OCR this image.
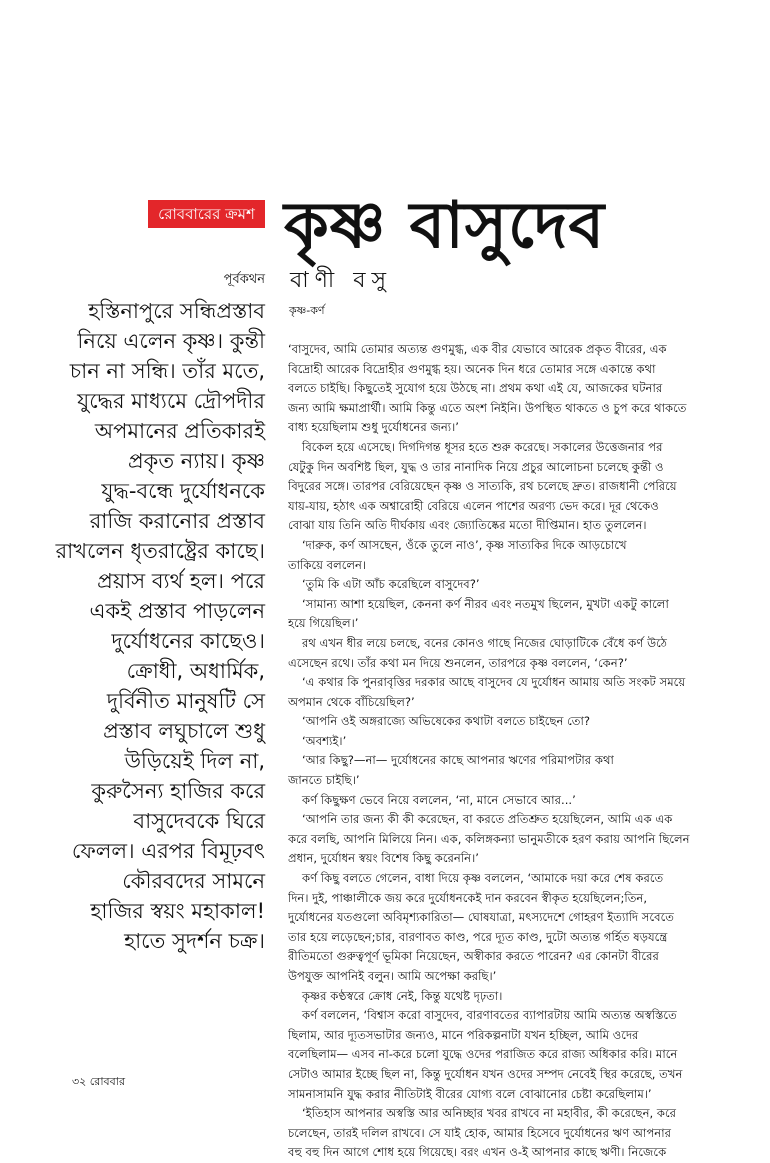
রোববারের ক্রমশ কৃষ্ণ বাসুদেব
পূর্বকথন বাণী বসু
কৃষ্ণ-কর্ণ
হস্তিনাপুরে সন্ধিপ্রস্তাব
নিয়ে এলেন কৃষ্ণ। কুন্তী
চান না সন্ধি। তাঁর মতে,
যুদ্ধের মাধ্যমে দ্রৌপদীর
অপমানের প্রতিকারই
প্রকৃত ন্যায়। কৃষ্ণ
যুদ্ধ-বন্ধে দুর্যোধনকে
রাজি করানোর প্রস্তাব
রাখলেন ধৃতরাষ্ট্রের কাছে।
প্রয়াস ব্যর্থ হল। পরে
একই প্রস্তাব পাড়লেন
দুর্যোধনের কাছেও।
ক্রোধী, অধার্মিক,
দুর্বিনীত মানুষটি সে
প্রস্তাব লঘুচালে শুধু
উড়িয়েই দিল না,
কুরুসৈন্য হাজির করে
বাসুদেবকে ঘিরে
ফেলল। এরপর বিমূঢ়বৎ
কৌরবদের সামনে
হাজির স্বয়ং মহাকাল!
হাতে সুদর্শন চক্র।
‘বাসুদেব, আমি তোমার অত্যন্ত গুণমুগ্ধ, এক বীর যেভাবে আরেক প্রকৃত বীরের, এক
বিদ্রোহী আরেক বিদ্রোহীর গুণমুগ্ধ হয়। অনেক দিন ধরে তোমার সঙ্গে একান্তে কথা
বলতে চাইছি। কিছুতেই সুযোগ হয়ে উঠছে না। প্রথম কথা এই যে, আজকের ঘটনার
জন্য আমি ক্ষমাপ্রার্থী। আমি কিন্তু এতে অংশ নিইনি। উপস্থিত থাকতে ও চুপ করে থাকতে
বাধ্য হয়েছিলাম শুধু দুর্যোধনের জন্য।’
বিকেল হয়ে এসেছে। দিগদিগন্ত ধূসর হতে শুরু করেছে। সকালের উত্তেজনার পর
যেটুকু দিন অবশিষ্ট ছিল, যুদ্ধ ও তার নানাদিক নিয়ে প্রচুর আলোচনা চলেছে কুন্তী ও
বিদুরের সঙ্গে। তারপর বেরিয়েছেন কৃষ্ণ ও সাত্যকি, রথ চলেছে দ্রুত। রাজধানী পেরিয়ে
যায়-যায়, হঠাৎ এক অশ্বারোহী বেরিয়ে এলেন পাশের অরণ্য ভেদ করে। দূর থেকেও
বোঝা যায় তিনি অতি দীর্ঘকায় এবং জ্যোতিষ্কের মতো দীপ্তিমান। হাত তুললেন।
‘দারুক, কর্ণ আসছেন, ওঁকে তুলে নাও’, কৃষ্ণ সাত্যকির দিকে আড়চোখে
তাকিয়ে বললেন।
‘তুমি কি এটা আঁচ করেছিলে বাসুদেব?’
‘সামান্য আশা হয়েছিল, কেননা কর্ণ নীরব এবং নতমুখ ছিলেন, মুখটা একটু কালো
হয়ে গিয়েছিল।’
রথ এখন ধীর লয়ে চলছে, বনের কোনও গাছে নিজের ঘোড়াটিকে বেঁধে কর্ণ উঠে
এসেছেন রথে। তাঁর কথা মন দিয়ে শুনলেন, তারপরে কৃষ্ণ বললেন, ‘কেন?’
‘এ কথার কি পুনরাবৃত্তির দরকার আছে বাসুদেব যে দুর্যোধন আমায় অতি সংকট সময়ে
অপমান থেকে বাঁচিয়েছিল?’
‘আপনি ওই অঙ্গরাজ্যে অভিষেকের কথাটা বলতে চাইছেন তো?
‘অবশ্যই।’
‘আর কিছু?—না— দুর্যোধনের কাছে আপনার ঋণের পরিমাপটার কথা
জানতে চাইছি।’
কর্ণ কিছুক্ষণ ভেবে নিয়ে বললেন, ‘না, মানে সেভাবে আর...’
‘আপনি তার জন্য কী কী করেছেন, বা করতে প্রতিশ্রুত হয়েছিলেন, আমি এক এক
করে বলছি, আপনি মিলিয়ে নিন। এক, কলিঙ্গকন্যা ভানুমতীকে হরণ করায় আপনি ছিলেন
প্রধান, দুর্যোধন স্বয়ং বিশেষ কিছু করেননি।’
কর্ণ কিছু বলতে গেলেন, বাধা দিয়ে কৃষ্ণ বললেন, ‘আমাকে দয়া করে শেষ করতে
দিন। দুই, পাঞ্চালীকে জয় করে দুর্যোধনকেই দান করবেন স্বীকৃত হয়েছিলেন;তিন,
দুর্যোধনের যতগুলো অবিমৃশ্যকারিতা— ঘোষযাত্রা, মৎস্যদেশে গোহরণ ইত্যাদি সবেতে
তার হয়ে লড়েছেন;চার, বারণাবত কাণ্ড, পরে দ্যূত কাণ্ড, দুটো অত্যন্ত গর্হিত ষড়যন্ত্রে
রীতিমতো গুরুত্বপূর্ণ ভূমিকা নিয়েছেন, অস্বীকার করতে পারেন? এর কোনটা বীরের
উপযুক্ত আপনিই বলুন। আমি অপেক্ষা করছি।’
কৃষ্ণর কণ্ঠস্বরে ক্রোধ নেই, কিন্তু যথেষ্ট দৃঢ়তা।
কর্ণ বললেন, ‘বিশ্বাস করো বাসুদেব, বারণাবতের ব্যাপারটায় আমি অত্যন্ত অস্বস্তিতে
ছিলাম, আর দ্যূতসভাটার জন্যও, মানে পরিকল্পনাটা যখন হচ্ছিল, আমি ওদের
বলেছিলাম— এসব না-করে চলো যুদ্ধে ওদের পরাজিত করে রাজ্য অধিকার করি। মানে
সেটাও আমার ইচ্ছে ছিল না, কিন্তু দুর্যোধন যখন ওদের সম্পদ নেবেই স্থির করেছে, তখন
সামনাসামনি যুদ্ধ করার নীতিটাই বীরের যোগ্য বলে বোঝানোর চেষ্টা করেছিলাম।’
‘ইতিহাস আপনার অস্বস্তি আর অনিচ্ছার খবর রাখবে না মহাবীর, কী করেছেন, করে
চলেছেন, তারই দলিল রাখবে। সে যাই হোক, আমার হিসেবে দুর্যোধনের ঋণ আপনার
বহু বহু দিন আগে শোধ হয়ে গিয়েছে। বরং এখন ও-ই আপনার কাছে ঋণী। নিজেকে
৩২ রোববার
